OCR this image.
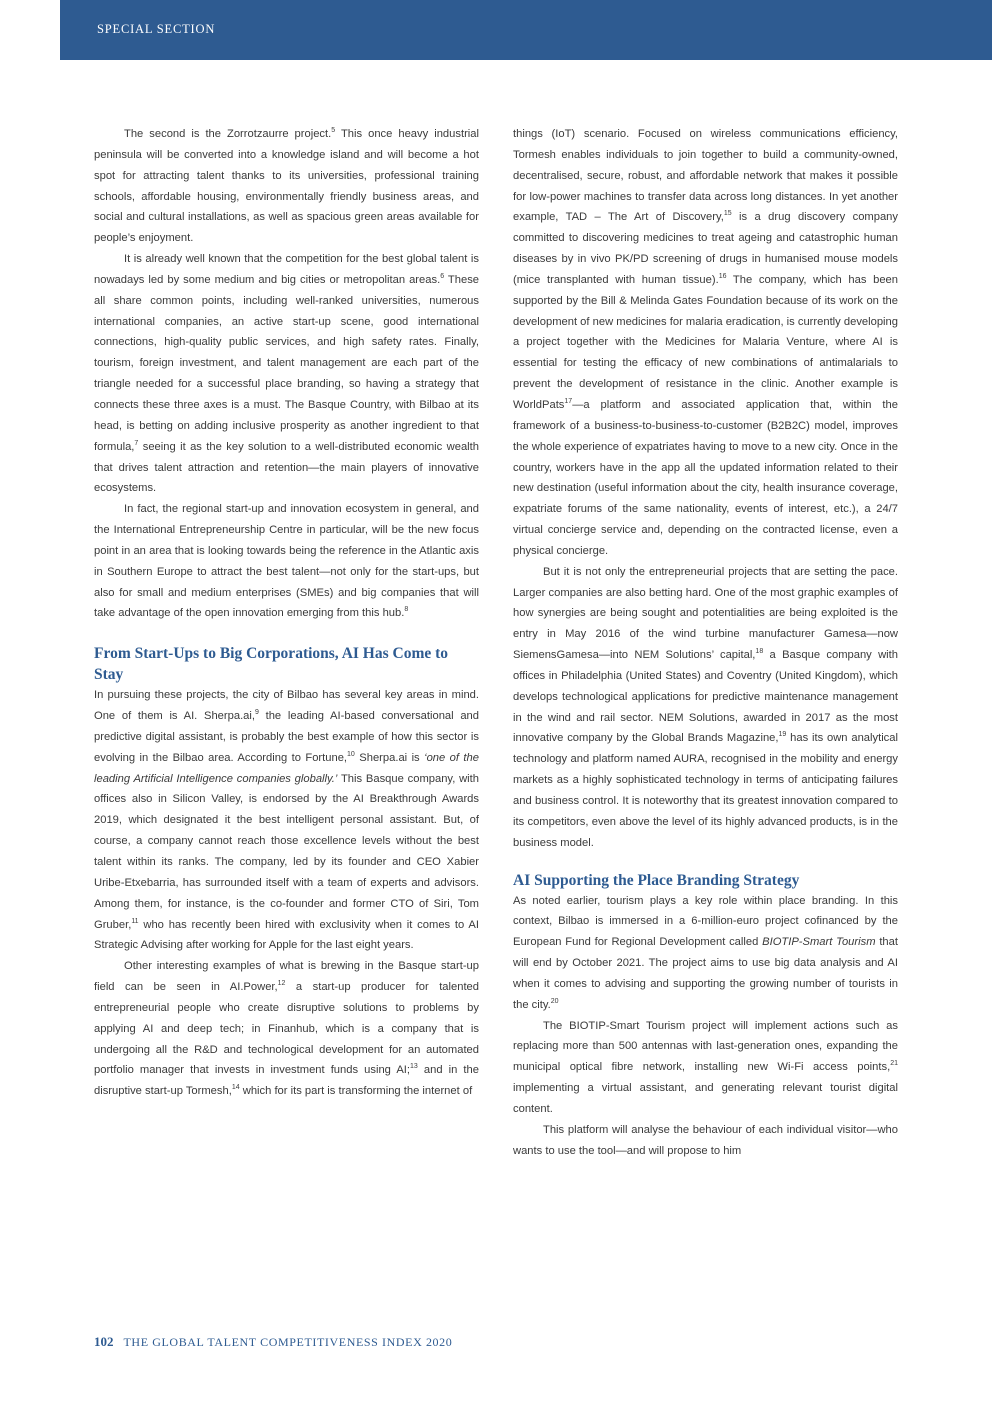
SPECIAL SECTION

The second is the Zorrotzaurre project.$^5$ This once heavy industrial peninsula will be converted into a knowledge island and will become a hot spot for attracting talent thanks to its universities, professional training schools, affordable housing, environmentally friendly business areas, and social and cultural installations, as well as spacious green areas available for people’s enjoyment.

It is already well known that the competition for the best global talent is nowadays led by some medium and big cities or metropolitan areas.$^6$ These all share common points, including well-ranked universities, numerous international companies, an active start-up scene, good international connections, high-quality public services, and high safety rates. Finally, tourism, foreign investment, and talent management are each part of the triangle needed for a successful place branding, so having a strategy that connects these three axes is a must. The Basque Country, with Bilbao at its head, is betting on adding inclusive prosperity as another ingredient to that formula,$^7$ seeing it as the key solution to a well-distributed economic wealth that drives talent attraction and retention—the main players of innovative ecosystems.

In fact, the regional start-up and innovation ecosystem in general, and the International Entrepreneurship Centre in particular, will be the new focus point in an area that is looking towards being the reference in the Atlantic axis in Southern Europe to attract the best talent—not only for the start-ups, but also for small and medium enterprises (SMEs) and big companies that will take advantage of the open innovation emerging from this hub.$^8$

From Start-Ups to Big Corporations, AI Has Come to Stay

In pursuing these projects, the city of Bilbao has several key areas in mind. One of them is AI. Sherpa.ai,$^9$ the leading AI-based conversational and predictive digital assistant, is probably the best example of how this sector is evolving in the Bilbao area. According to Fortune,$^{10}$ Sherpa.ai is ‘one of the leading Artificial Intelligence companies globally.’ This Basque company, with offices also in Silicon Valley, is endorsed by the AI Breakthrough Awards 2019, which designated it the best intelligent personal assistant. But, of course, a company cannot reach those excellence levels without the best talent within its ranks. The company, led by its founder and CEO Xabier Uribe-Etxebarria, has surrounded itself with a team of experts and advisors. Among them, for instance, is the co-founder and former CTO of Siri, Tom Gruber,$^{11}$ who has recently been hired with exclusivity when it comes to AI Strategic Advising after working for Apple for the last eight years.

Other interesting examples of what is brewing in the Basque start-up field can be seen in AI.Power,$^{12}$ a start-up producer for talented entrepreneurial people who create disruptive solutions to problems by applying AI and deep tech; in Finanhub, which is a company that is undergoing all the R&D and technological development for an automated portfolio manager that invests in investment funds using AI;$^{13}$ and in the disruptive start-up Tormesh,$^{14}$ which for its part is transforming the internet of

things (IoT) scenario. Focused on wireless communications efficiency, Tormesh enables individuals to join together to build a community-owned, decentralised, secure, robust, and affordable network that makes it possible for low-power machines to transfer data across long distances. In yet another example, TAD – The Art of Discovery,$^{15}$ is a drug discovery company committed to discovering medicines to treat ageing and catastrophic human diseases by in vivo PK/PD screening of drugs in humanised mouse models (mice transplanted with human tissue).$^{16}$ The company, which has been supported by the Bill & Melinda Gates Foundation because of its work on the development of new medicines for malaria eradication, is currently developing a project together with the Medicines for Malaria Venture, where AI is essential for testing the efficacy of new combinations of antimalarials to prevent the development of resistance in the clinic. Another example is WorldPats$^{17}$—a platform and associated application that, within the framework of a business-to-business-to-customer (B2B2C) model, improves the whole experience of expatriates having to move to a new city. Once in the country, workers have in the app all the updated information related to their new destination (useful information about the city, health insurance coverage, expatriate forums of the same nationality, events of interest, etc.), a 24/7 virtual concierge service and, depending on the contracted license, even a physical concierge.

But it is not only the entrepreneurial projects that are setting the pace. Larger companies are also betting hard. One of the most graphic examples of how synergies are being sought and potentialities are being exploited is the entry in May 2016 of the wind turbine manufacturer Gamesa—now SiemensGamesa—into NEM Solutions’ capital,$^{18}$ a Basque company with offices in Philadelphia (United States) and Coventry (United Kingdom), which develops technological applications for predictive maintenance management in the wind and rail sector. NEM Solutions, awarded in 2017 as the most innovative company by the Global Brands Magazine,$^{19}$ has its own analytical technology and platform named AURA, recognised in the mobility and energy markets as a highly sophisticated technology in terms of anticipating failures and business control. It is noteworthy that its greatest innovation compared to its competitors, even above the level of its highly advanced products, is in the business model.

AI Supporting the Place Branding Strategy

As noted earlier, tourism plays a key role within place branding. In this context, Bilbao is immersed in a 6-million-euro project cofinanced by the European Fund for Regional Development called BIOTIP-Smart Tourism that will end by October 2021. The project aims to use big data analysis and AI when it comes to advising and supporting the growing number of tourists in the city.$^{20}$

The BIOTIP-Smart Tourism project will implement actions such as replacing more than 500 antennas with last-generation ones, expanding the municipal optical fibre network, installing new Wi-Fi access points,$^{21}$ implementing a virtual assistant, and generating relevant tourist digital content.

This platform will analyse the behaviour of each individual visitor—who wants to use the tool—and will propose to him

102 THE GLOBAL TALENT COMPETITIVENESS INDEX 2020
